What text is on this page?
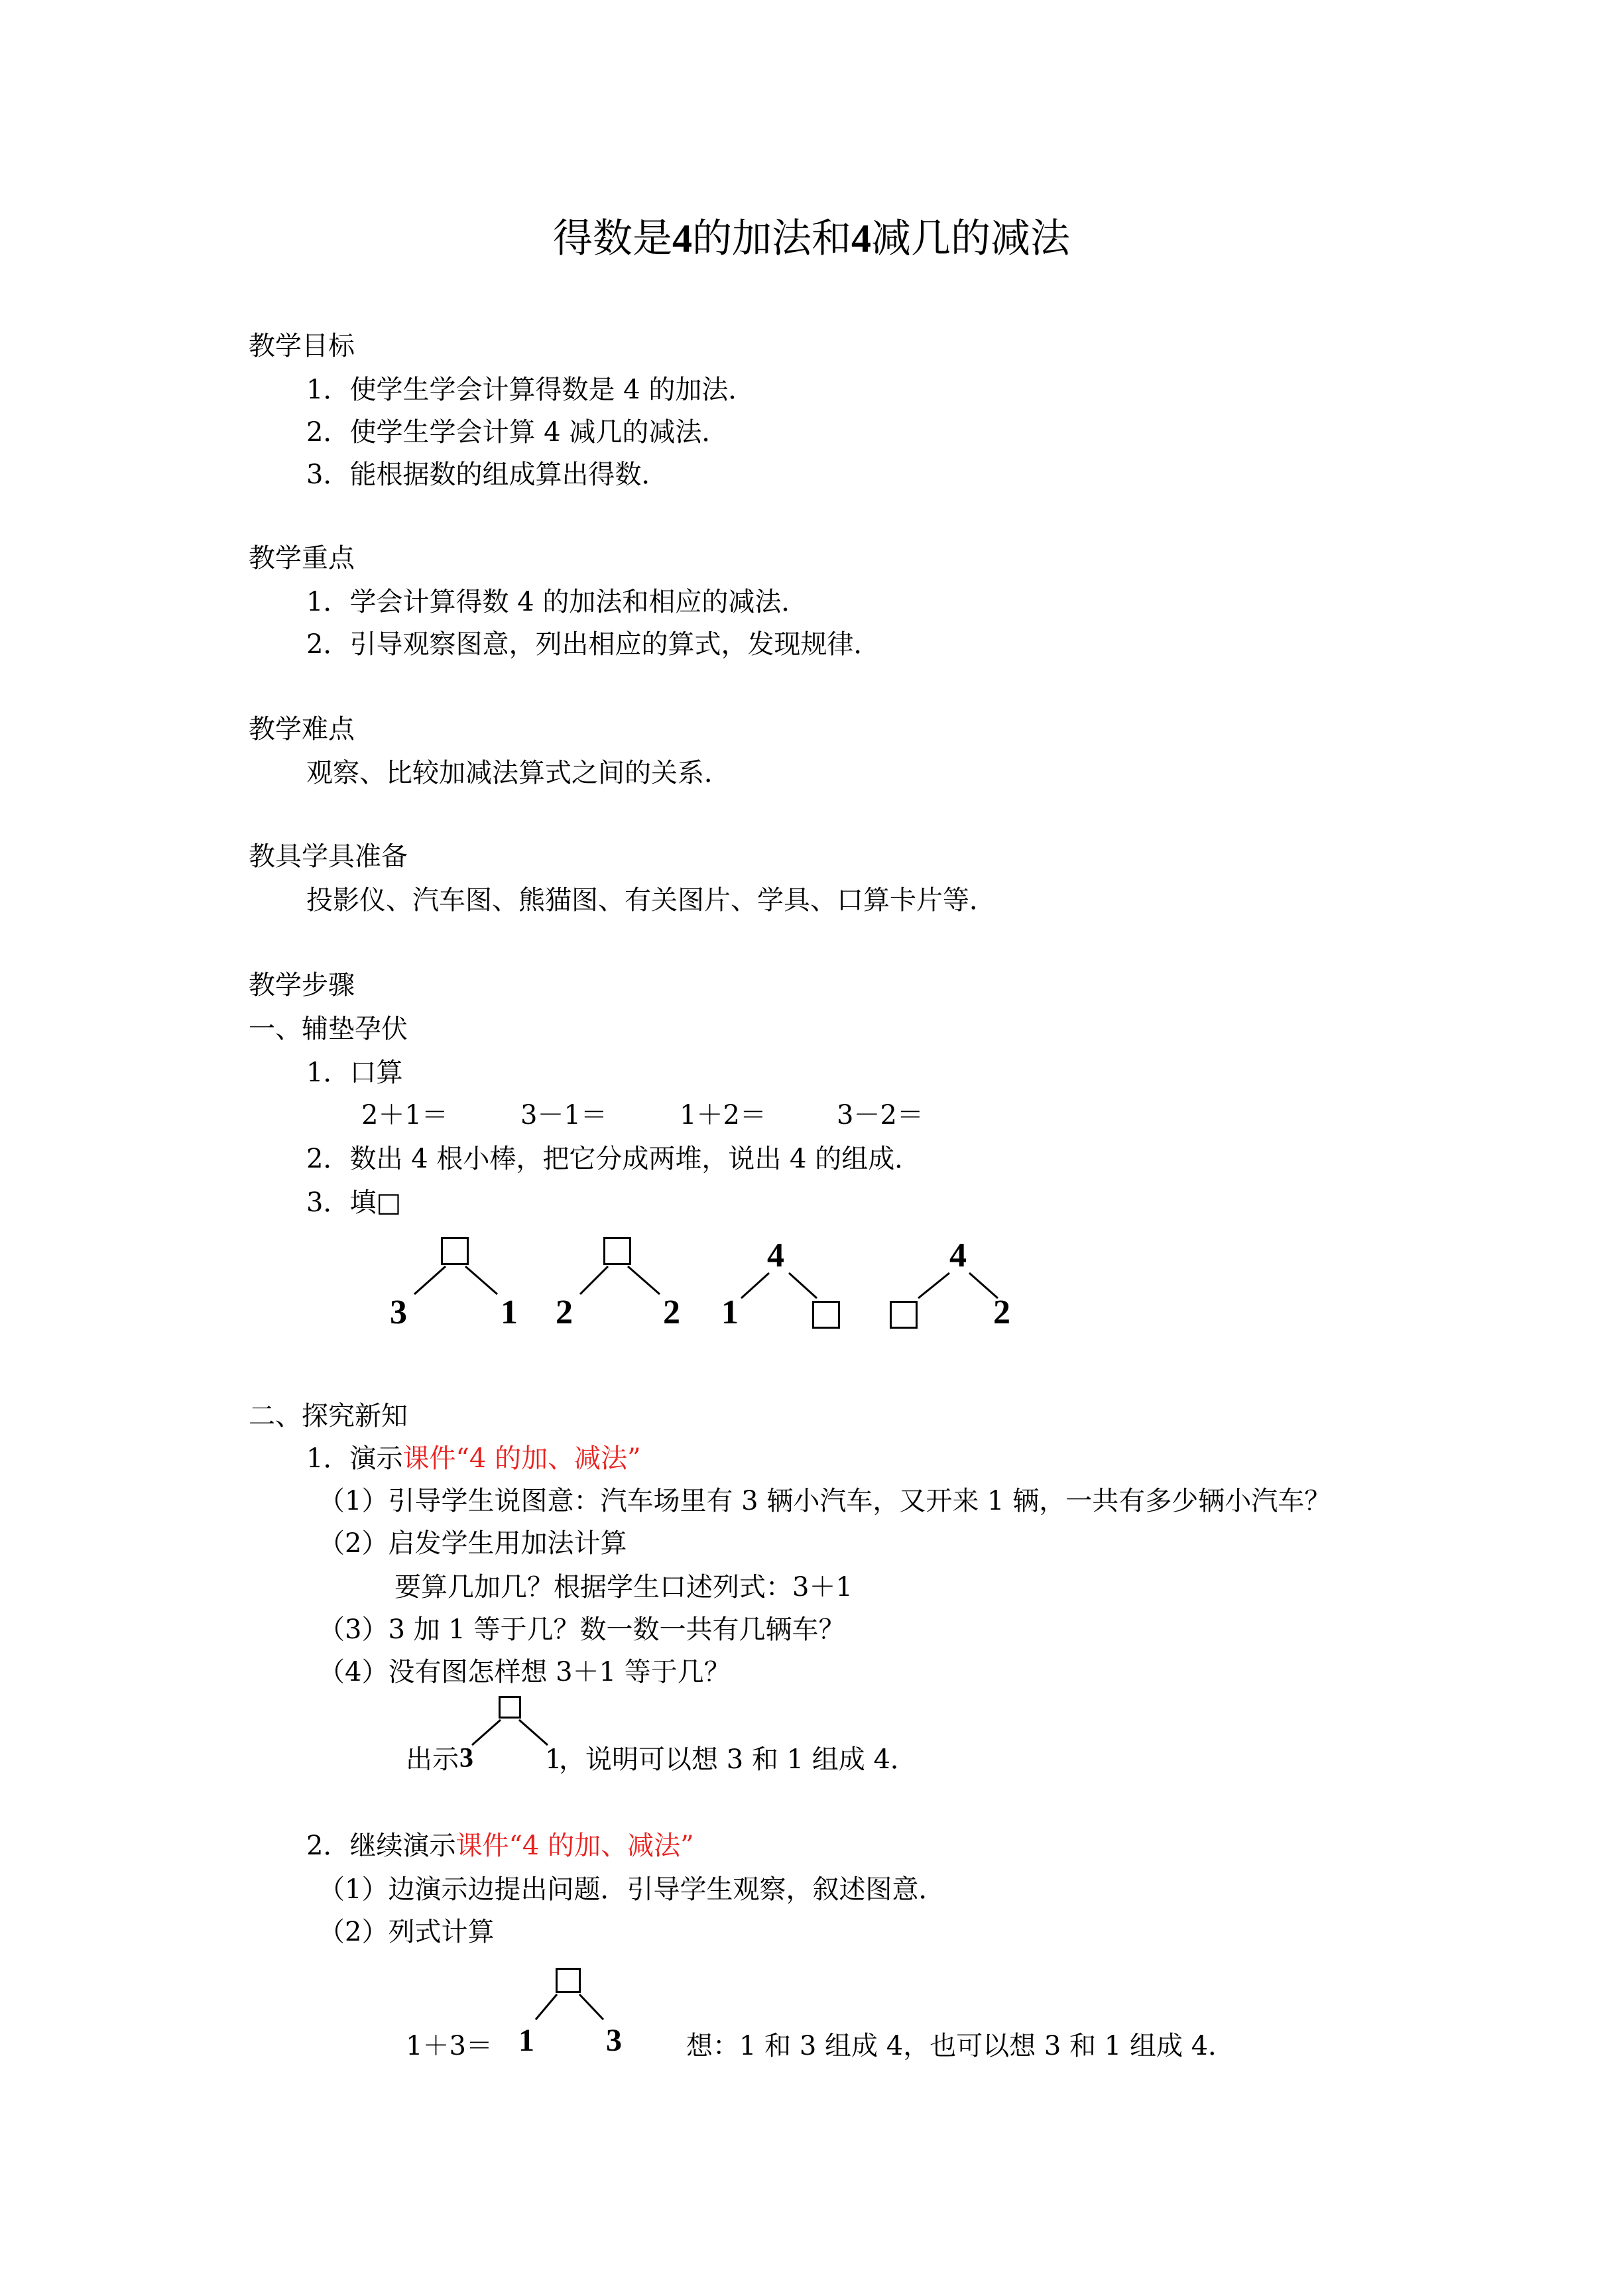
得数是4的加法和4减几的减法
教学目标
1．使学生学会计算得数是 4 的加法．
2．使学生学会计算 4 减几的减法．
3．能根据数的组成算出得数．
教学重点
1．学会计算得数 4 的加法和相应的减法．
2．引导观察图意，列出相应的算式，发现规律．
教学难点
观察、比较加减法算式之间的关系．
教具学具准备
投影仪、汽车图、熊猫图、有关图片、学具、口算卡片等．
教学步骤
一、辅垫孕伏
1．口算
2＋1＝	3－1＝	1＋2＝	3－2＝
2．数出 4 根小棒，把它分成两堆，说出 4 的组成．
3．填□
3	1 2	2
4
1
4
2
二、探究新知
1．演示课件“4 的加、减法”
（1）引导学生说图意：汽车场里有 3 辆小汽车，又开来 1 辆，一共有多少辆小汽车？
（2）启发学生用加法计算
要算几加几？根据学生口述列式：3＋1
（3）3 加 1 等于几？数一数一共有几辆车？
（4）没有图怎样想 3＋1 等于几？
出示 3	1
，说明可以想 3 和 1 组成 4．
2．继续演示课件“4 的加、减法”
（1）边演示边提出问题．引导学生观察，叙述图意．
（2）列式计算
1＋3＝ 1 3 想：1 和 3 组成 4，也可以想 3 和 1 组成 4．
